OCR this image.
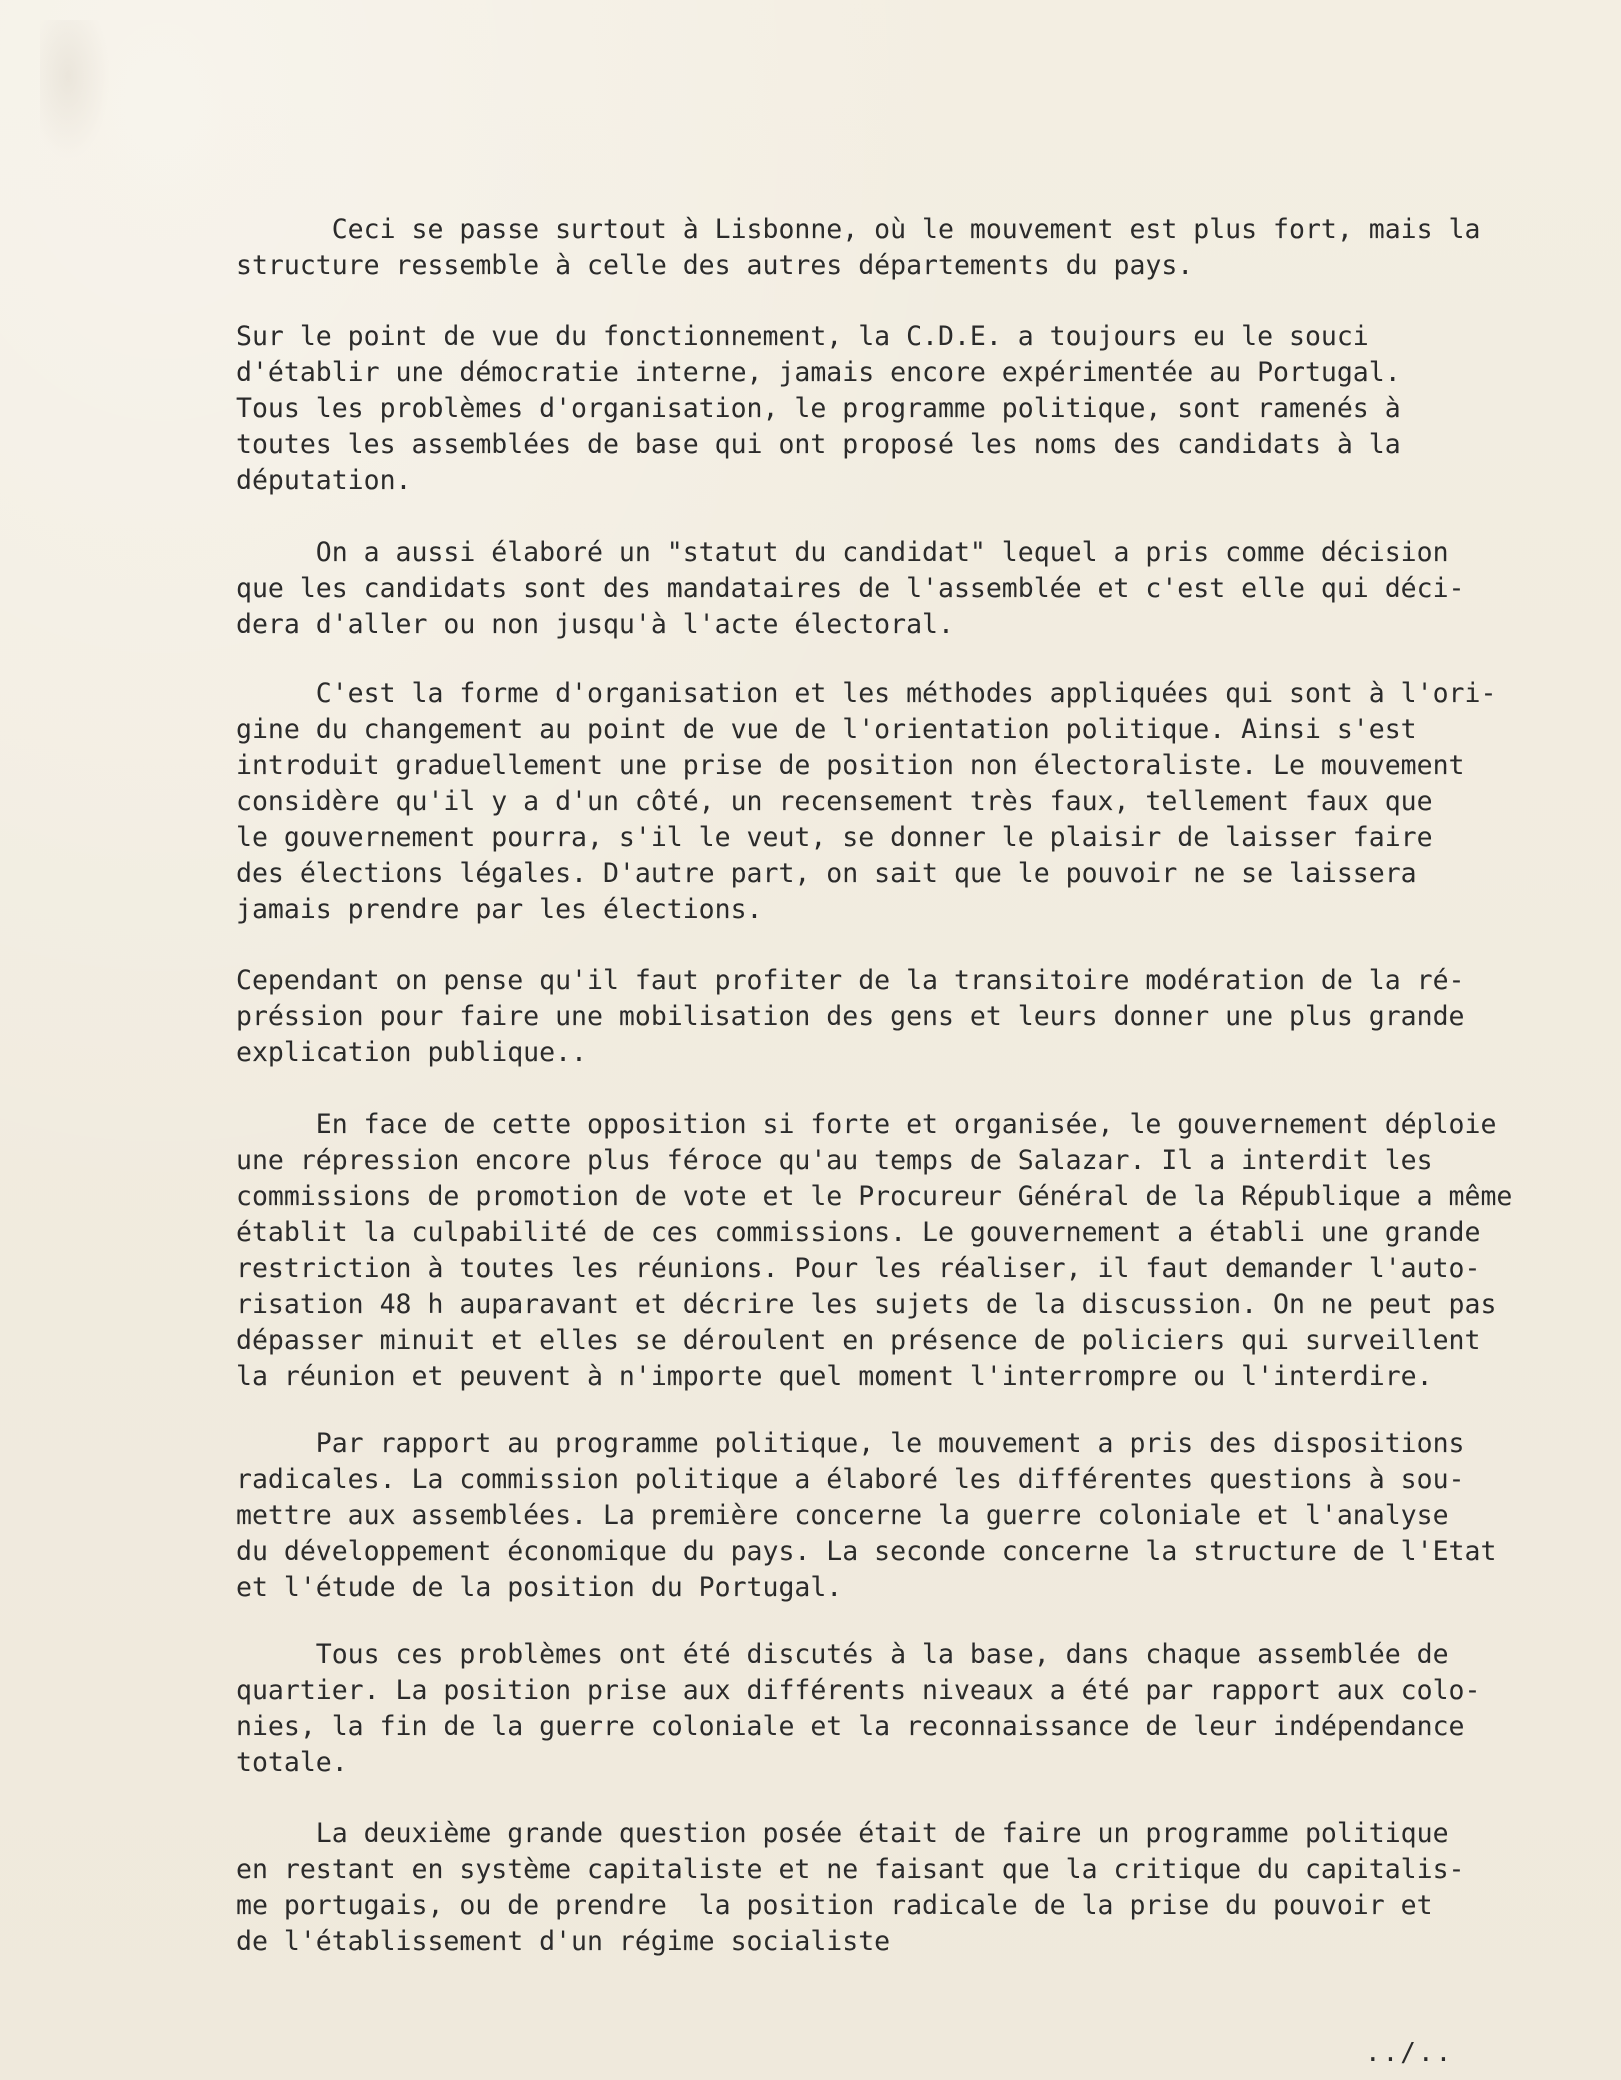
Ceci se passe surtout à Lisbonne, où le mouvement est plus fort, mais la
structure ressemble à celle des autres départements du pays.

Sur le point de vue du fonctionnement, la C.D.E. a toujours eu le souci
d'établir une démocratie interne, jamais encore expérimentée au Portugal.
Tous les problèmes d'organisation, le programme politique, sont ramenés à
toutes les assemblées de base qui ont proposé les noms des candidats à la
députation.

On a aussi élaboré un "statut du candidat" lequel a pris comme décision
que les candidats sont des mandataires de l'assemblée et c'est elle qui déci-
dera d'aller ou non jusqu'à l'acte électoral.

C'est la forme d'organisation et les méthodes appliquées qui sont à l'ori-
gine du changement au point de vue de l'orientation politique. Ainsi s'est
introduit graduellement une prise de position non électoraliste. Le mouvement
considère qu'il y a d'un côté, un recensement très faux, tellement faux que
le gouvernement pourra, s'il le veut, se donner le plaisir de laisser faire
des élections légales. D'autre part, on sait que le pouvoir ne se laissera
jamais prendre par les élections.

Cependant on pense qu'il faut profiter de la transitoire modération de la ré-
préssion pour faire une mobilisation des gens et leurs donner une plus grande
explication publique..

En face de cette opposition si forte et organisée, le gouvernement déploie
une répression encore plus féroce qu'au temps de Salazar. Il a interdit les
commissions de promotion de vote et le Procureur Général de la République a même
établit la culpabilité de ces commissions. Le gouvernement a établi une grande
restriction à toutes les réunions. Pour les réaliser, il faut demander l'auto-
risation 48 h auparavant et décrire les sujets de la discussion. On ne peut pas
dépasser minuit et elles se déroulent en présence de policiers qui surveillent
la réunion et peuvent à n'importe quel moment l'interrompre ou l'interdire.

Par rapport au programme politique, le mouvement a pris des dispositions
radicales. La commission politique a élaboré les différentes questions à sou-
mettre aux assemblées. La première concerne la guerre coloniale et l'analyse
du développement économique du pays. La seconde concerne la structure de l'Etat
et l'étude de la position du Portugal.

Tous ces problèmes ont été discutés à la base, dans chaque assemblée de
quartier. La position prise aux différents niveaux a été par rapport aux colo-
nies, la fin de la guerre coloniale et la reconnaissance de leur indépendance
totale.

La deuxième grande question posée était de faire un programme politique
en restant en système capitaliste et ne faisant que la critique du capitalis-
me portugais, ou de prendre  la position radicale de la prise du pouvoir et
de l'établissement d'un régime socialiste

../..
